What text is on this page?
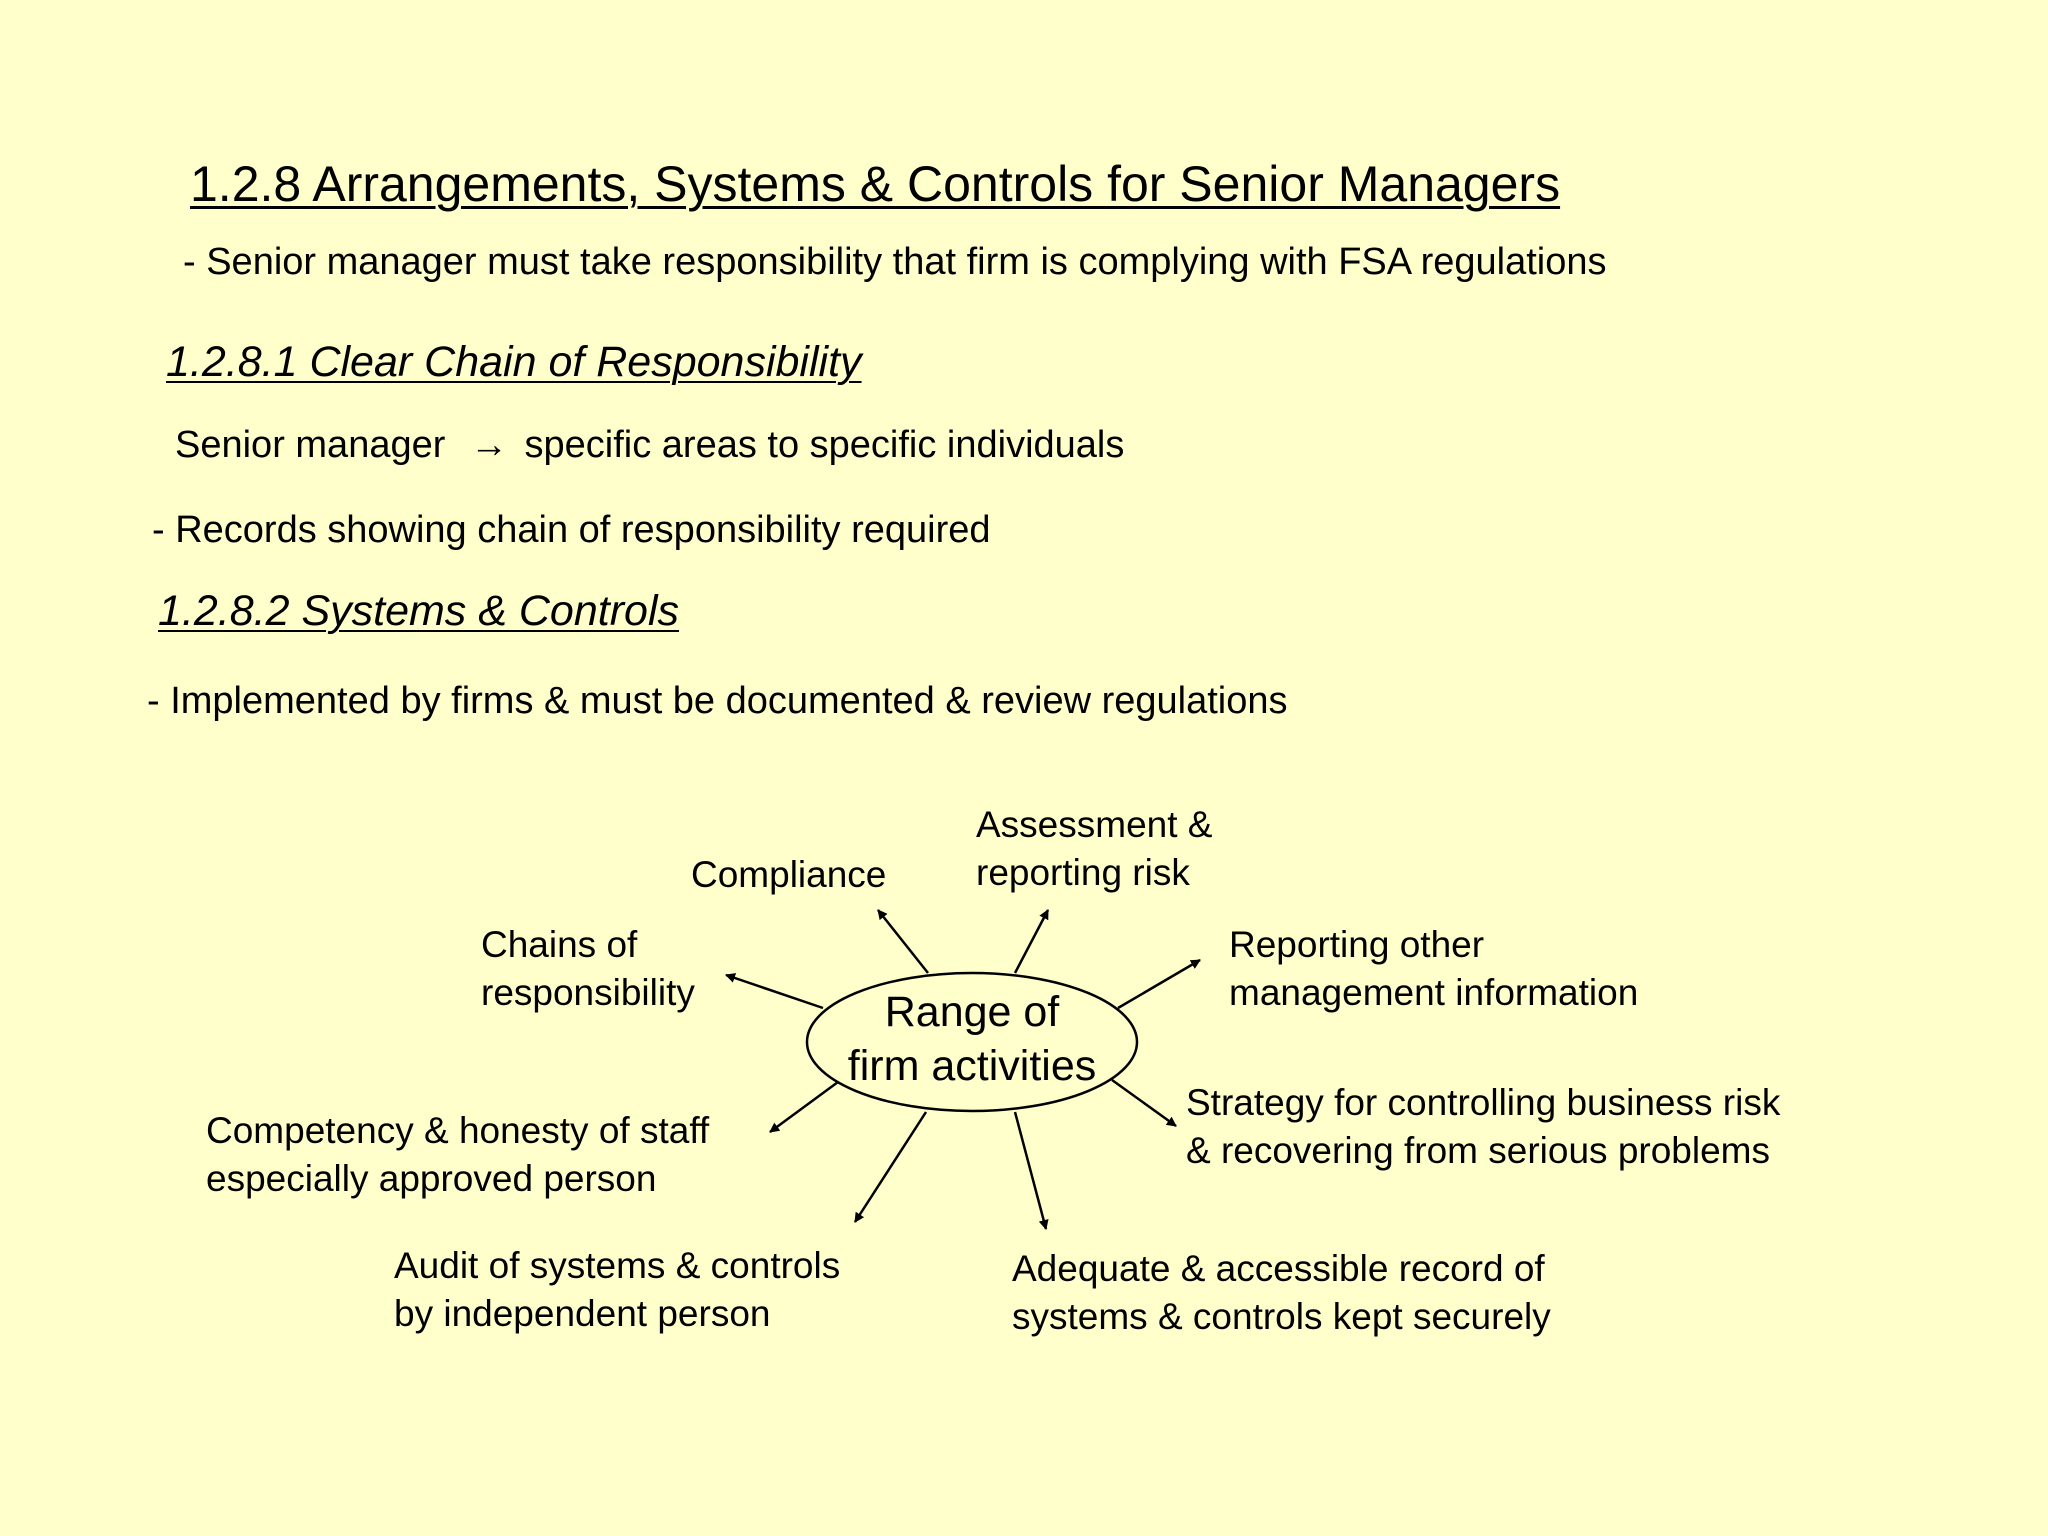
1.2.8 Arrangements, Systems & Controls for Senior Managers
- Senior manager must take responsibility that firm is complying with FSA regulations
1.2.8.1 Clear Chain of Responsibility
Senior manager → specific areas to specific individuals
- Records showing chain of responsibility required
1.2.8.2 Systems & Controls
- Implemented by firms & must be documented & review regulations
Range of
firm activities
Compliance
Assessment &
reporting risk
Reporting other
management information
Chains of
responsibility
Strategy for controlling business risk
& recovering from serious problems
Competency & honesty of staff
especially approved person
Audit of systems & controls
by independent person
Adequate & accessible record of
systems & controls kept securely
